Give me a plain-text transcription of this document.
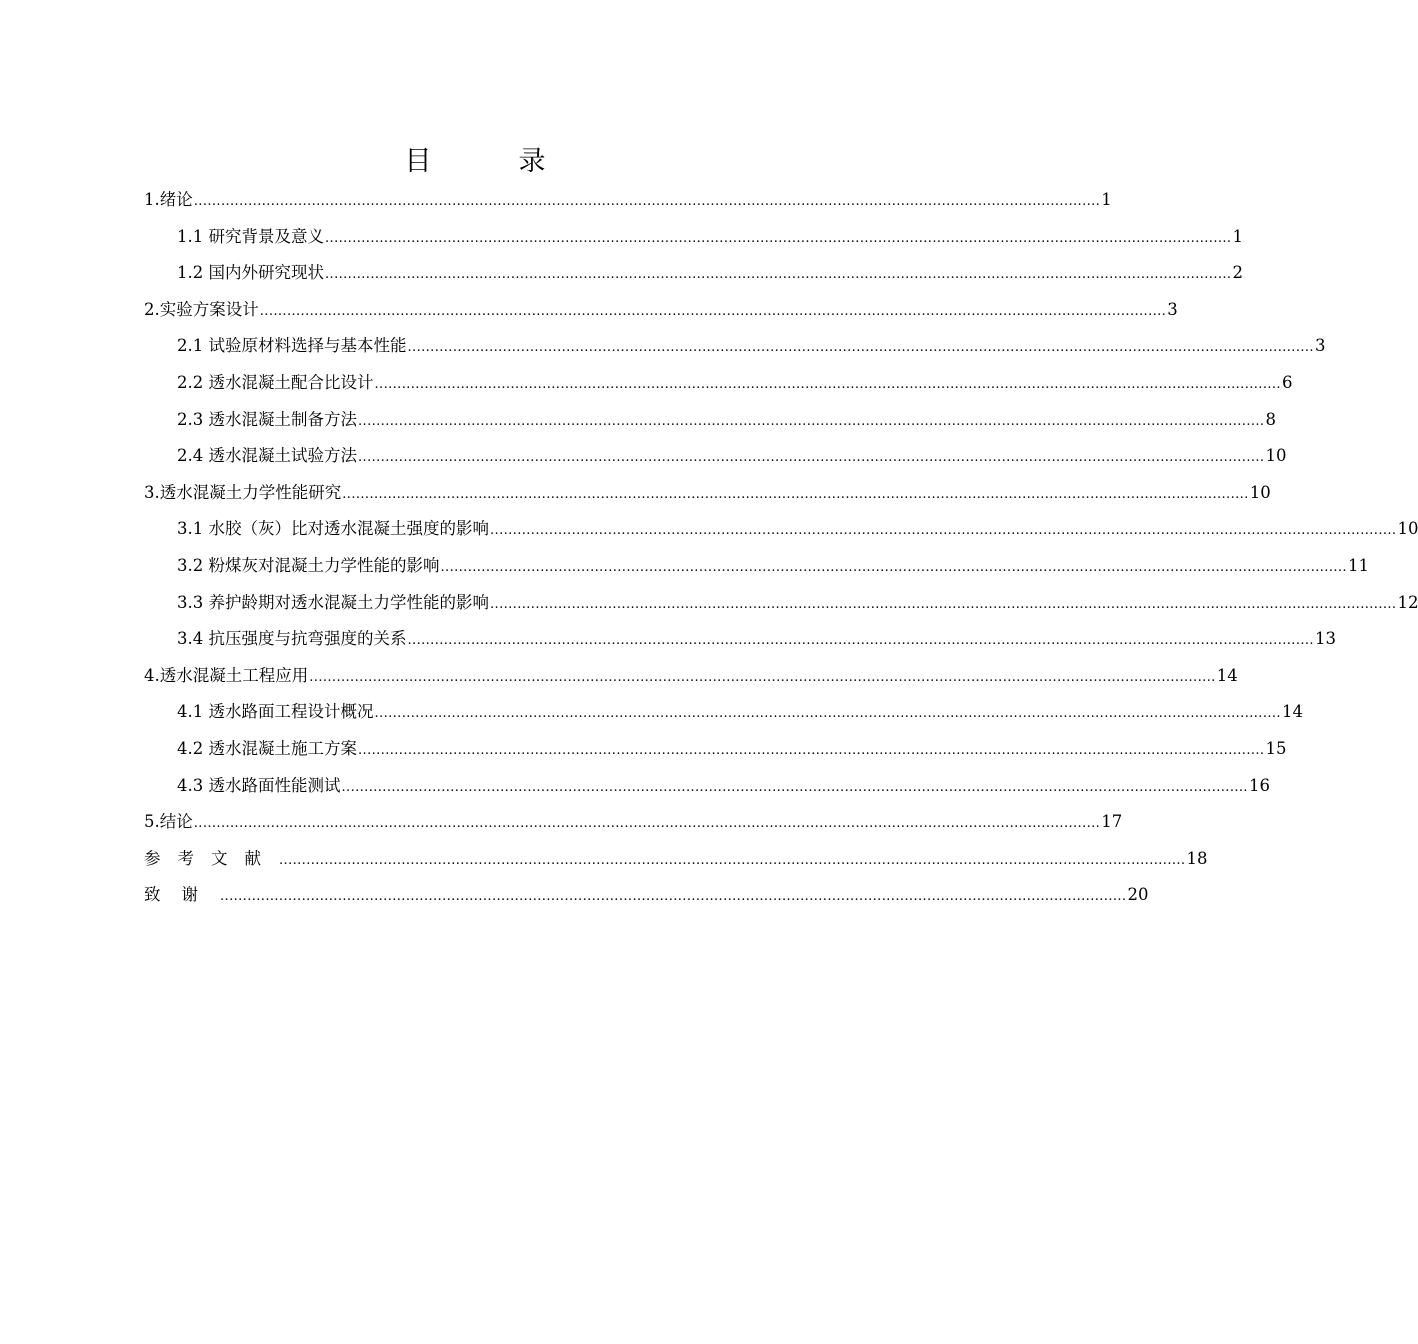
目　录
1.绪论 ........................................................................................................................................................................................................ 1
1.1 研究背景及意义 ........................................................................................................................................................................................................ 1
1.2 国内外研究现状 ........................................................................................................................................................................................................ 2
2.实验方案设计 ........................................................................................................................................................................................................ 3
2.1 试验原材料选择与基本性能 ........................................................................................................................................................................................................ 3
2.2 透水混凝土配合比设计 ........................................................................................................................................................................................................ 6
2.3 透水混凝土制备方法 ........................................................................................................................................................................................................ 8
2.4 透水混凝土试验方法 ........................................................................................................................................................................................................ 10
3.透水混凝土力学性能研究 ........................................................................................................................................................................................................ 10
3.1 水胶（灰）比对透水混凝土强度的影响 ........................................................................................................................................................................................................ 10
3.2 粉煤灰对混凝土力学性能的影响 ........................................................................................................................................................................................................ 11
3.3 养护龄期对透水混凝土力学性能的影响 ........................................................................................................................................................................................................ 12
3.4 抗压强度与抗弯强度的关系 ........................................................................................................................................................................................................ 13
4.透水混凝土工程应用 ........................................................................................................................................................................................................ 14
4.1 透水路面工程设计概况 ........................................................................................................................................................................................................ 14
4.2 透水混凝土施工方案 ........................................................................................................................................................................................................ 15
4.3 透水路面性能测试 ........................................................................................................................................................................................................ 16
5.结论 ........................................................................................................................................................................................................ 17
参考文献 ........................................................................................................................................................................................................ 18
致谢 ........................................................................................................................................................................................................ 20
